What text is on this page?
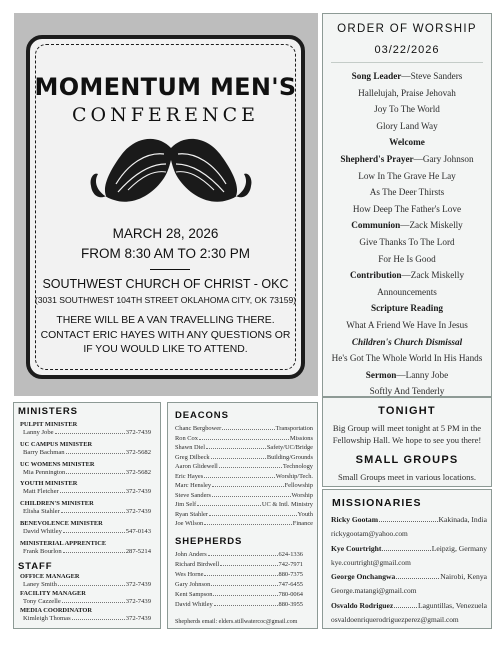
MOMENTUM MEN'S
CONFERENCE
MARCH 28, 2026
FROM 8:30 AM TO 2:30 PM
SOUTHWEST CHURCH OF CHRIST - OKC
(3031 SOUTHWEST 104TH STREET OKLAHOMA CITY, OK 73159)
THERE WILL BE A VAN TRAVELLING THERE. CONTACT ERIC HAYES WITH ANY QUESTIONS OR IF YOU WOULD LIKE TO ATTEND.
ORDER OF WORSHIP
03/22/2026
Song Leader—Steve Sanders
Hallelujah, Praise Jehovah
Joy To The World
Glory Land Way
Welcome
Shepherd's Prayer—Gary Johnson
Low In The Grave He Lay
As The Deer Thirsts
How Deep The Father's Love
Communion—Zack Miskelly
Give Thanks To The Lord
For He Is Good
Contribution—Zack Miskelly
Announcements
Scripture Reading
What A Friend We Have In Jesus
Children's Church Dismissal
He's Got The Whole World In His Hands
Sermon—Lanny Jobe
Softly And Tenderly
TONIGHT
Big Group will meet tonight at 5 PM in the Fellowship Hall. We hope to see you there!
SMALL GROUPS
Small Groups meet in various locations.
MISSIONARIES
Ricky Gootam	Kakinada, India
rickygootam@yahoo.com
Kye Courtright	Leipzig, Germany
kye.courtright@gmail.com
George Onchangwa	Nairobi, Kenya
George.matangi@gmail.com
Osvaldo Rodriguez	Laguntillas, Venezuela
osvaldoenriquerodriguezperez@gmail.com
MINISTERS
PULPIT MINISTER
Lanny Jobe	372-7439
UC CAMPUS MINISTER
Barry Bachman	372-5682
UC WOMENS MINISTER
Mia Pennington	372-5682
YOUTH MINISTER
Matt Fletcher	372-7439
CHILDREN'S MINISTER
Elisha Stahler	372-7439
BENEVOLENCE MINISTER
David Whitley	547-0143
MINISTERIAL APPRENTICE
Frank Bourlon	287-5214
STAFF
OFFICE MANAGER
Laney Smith	372-7439
FACILITY MANAGER
Tony Cazzelle	372-7439
MEDIA COORDINATOR
Kimleigh Thomas	372-7439
DEACONS
Chanc Bergbower	Transportation
Ron Cox	Missions
Shawn Diel	Safety/UC/Bridge
Greg Dilbeck	Building/Grounds
Aaron Glidewell	Technology
Eric Hayes	Worship/Tech.
Marc Hensley	Fellowship
Steve Sanders	Worship
Jim Self	UC & Intl. Ministry
Ryan Stahler	Youth
Joe Wilson	Finance
SHEPHERDS
John Anders	624-1336
Richard Birdwell	742-7971
Wes Horne	880-7375
Gary Johnson	747-6455
Kent Sampson	780-0064
David Whitley	880-3955
Shepherds email: elders.stillwatercoc@gmail.com
